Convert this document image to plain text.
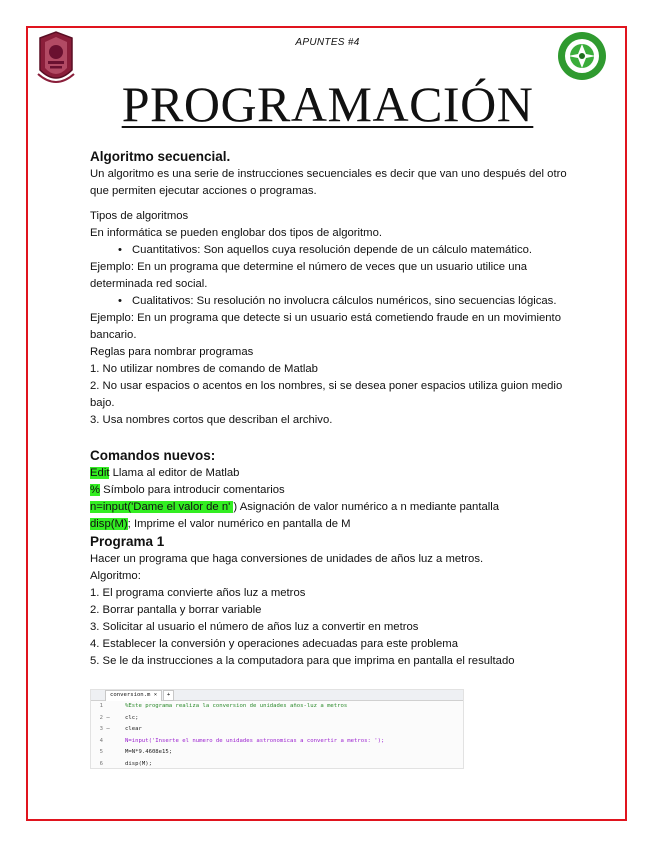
APUNTES #4
PROGRAMACIÓN
Algoritmo secuencial.

Un algoritmo es una serie de instrucciones secuenciales es decir que van uno después del otro que permiten ejecutar acciones o programas.

Tipos de algoritmos

En informática se pueden englobar dos tipos de algoritmo.

• Cuantitativos: Son aquellos cuya resolución depende de un cálculo matemático.

Ejemplo: En un programa que determine el número de veces que un usuario utilice una determinada red social.

• Cualitativos: Su resolución no involucra cálculos numéricos, sino secuencias lógicas.

Ejemplo: En un programa que detecte si un usuario está cometiendo fraude en un movimiento bancario.

Reglas para nombrar programas

1. No utilizar nombres de comando de Matlab

2. No usar espacios o acentos en los nombres, si se desea poner espacios utiliza guion medio bajo.

3. Usa nombres cortos que describan el archivo.

Comandos nuevos:

Edit Llama al editor de Matlab

% Símbolo para introducir comentarios

n=input('Dame el valor de n' ) Asignación de valor numérico a n mediante pantalla

disp(M); Imprime el valor numérico en pantalla de M

Programa 1

Hacer un programa que haga conversiones de unidades de años luz a metros.

Algoritmo:

1. El programa convierte años luz a metros

2. Borrar pantalla y borrar variable

3. Solicitar al usuario el número de años luz a convertir en metros

4. Establecer la conversión y operaciones adecuadas para este problema

5. Se le da instrucciones a la computadora para que imprima en pantalla el resultado

conversion.m ×	+
1	%Este programa realiza la conversion de unidades años-luz a metros
2 —	clc;
3 —	clear
4	N=input('Inserte el numero de unidades astronomicas a convertir a metros: ');
5	M=N*9.4608e15;
6	disp(M);
